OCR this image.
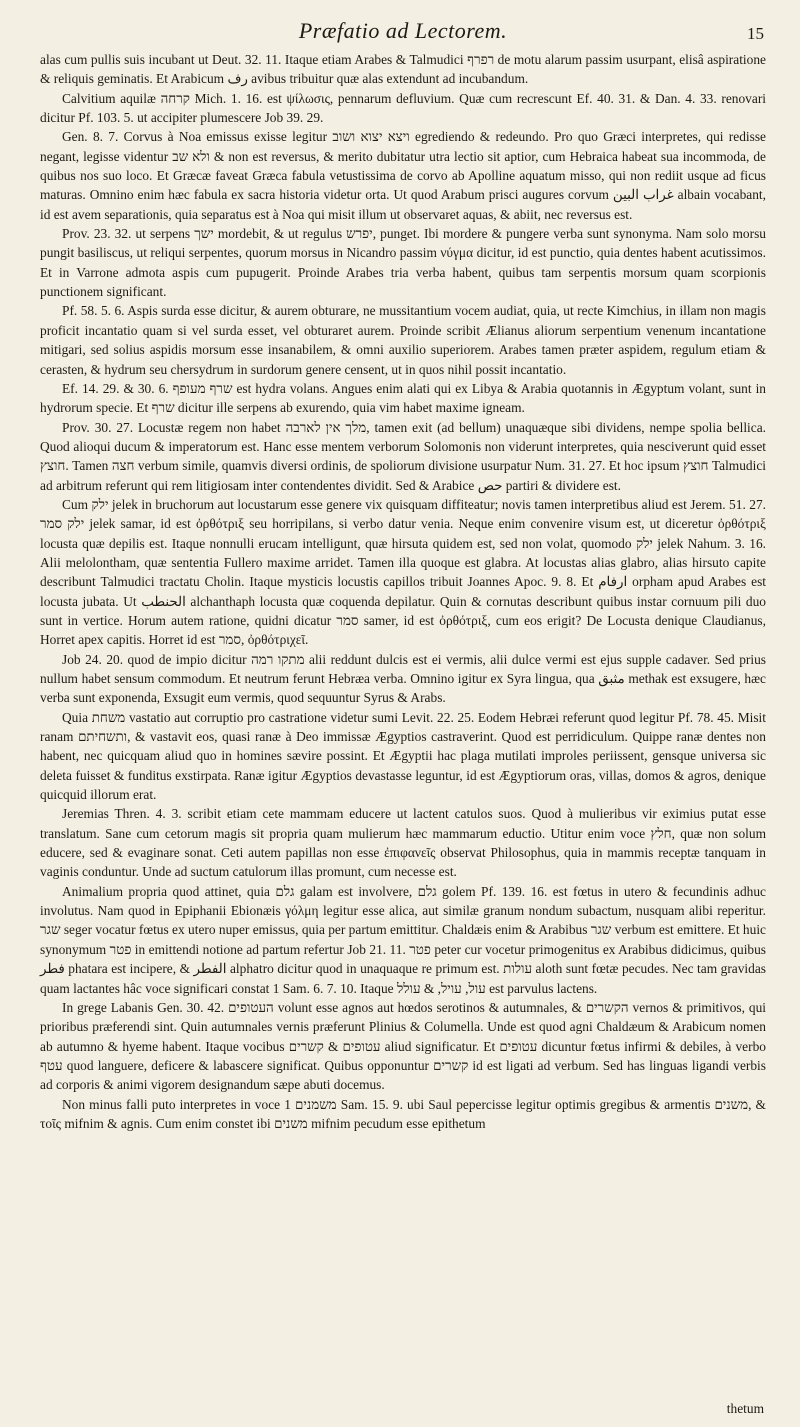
Præfatio ad Lectorem.	15

alas cum pullis suis incubant ut Deut. 32. 11. Itaque etiam Arabes & Talmudici רפרף de motu alarum passim usurpant, elisâ aspiratione & reliquis geminatis. Et Arabicum رف avibus tribuitur quæ alas extendunt ad incubandum.

Calvitium aquilæ קרחה Mich. 1. 16. est ψίλωσις, pennarum defluvium. Quæ cum recrescunt Ef. 40. 31. & Dan. 4. 33. renovari dicitur Pf. 103. 5. ut accipiter plumescere Job 39. 29.

Gen. 8. 7. Corvus à Noa emissus exisse legitur ויצא יצוא ושוב egrediendo & redeundo. Pro quo Græci interpretes, qui redisse negant, legisse videntur ולא שב & non est reversus, & merito dubitatur utra lectio sit aptior, cum Hebraica habeat sua incommoda, de quibus nos suo loco. Et Græcæ faveat Græca fabula vetustissima de corvo ab Apolline aquatum misso, qui non rediit usque ad ficus maturas. Omnino enim hæc fabula ex sacra historia videtur orta. Ut quod Arabum prisci augures corvum غراب البين albain vocabant, id est avem separationis, quia separatus est à Noa qui misit illum ut observaret aquas, & abiit, nec reversus est.

Prov. 23. 32. ut serpens ישך mordebit, & ut regulus יפרש, punget. Ibi mordere & pungere verba sunt synonyma. Nam solo morsu pungit basiliscus, ut reliqui serpentes, quorum morsus in Nicandro passim νύγμα dicitur, id est punctio, quia dentes habent acutissimos. Et in Varrone admota aspis cum pupugerit. Proinde Arabes tria verba habent, quibus tam serpentis morsum quam scorpionis punctionem significant.

Pf. 58. 5. 6. Aspis surda esse dicitur, & aurem obturare, ne mussitantium vocem audiat, quia, ut recte Kimchius, in illam non magis proficit incantatio quam si vel surda esset, vel obturaret aurem. Proinde scribit Ælianus aliorum serpentium venenum incantatione mitigari, sed solius aspidis morsum esse insanabilem, & omni auxilio superiorem. Arabes tamen præter aspidem, regulum etiam & cerasten, & hydrum seu chersydrum in surdorum genere censent, ut in quos nihil possit incantatio.

Ef. 14. 29. & 30. 6. שרף מעופף est hydra volans. Angues enim alati qui ex Libya & Arabia quotannis in Ægyptum volant, sunt in hydrorum specie. Et שרף dicitur ille serpens ab exurendo, quia vim habet maxime igneam.

Prov. 30. 27. Locustæ regem non habet מלך אין לארבה, tamen exit (ad bellum) unaquæque sibi dividens, nempe spolia bellica. Quod alioqui ducum & imperatorum est. Hanc esse mentem verborum Solomonis non viderunt interpretes, quia nesciverunt quid esset חוצץ. Tamen חצה verbum simile, quamvis diversi ordinis, de spoliorum divisione usurpatur Num. 31. 27. Et hoc ipsum חוצץ Talmudici ad arbitrum referunt qui rem litigiosam inter contendentes dividit. Sed & Arabice حص partiri & dividere est.

Cum ילק jelek in bruchorum aut locustarum esse genere vix quisquam diffiteatur; novis tamen interpretibus aliud est Jerem. 51. 27. ילק סמר jelek samar, id est ὀρθότριξ seu horripilans, si verbo datur venia. Neque enim convenire visum est, ut diceretur ὀρθότριξ locusta quæ depilis est. Itaque nonnulli erucam intelligunt, quæ hirsuta quidem est, sed non volat, quomodo ילק jelek Nahum. 3. 16. Alii melolontham, quæ sententia Fullero maxime arridet. Tamen illa quoque est glabra. At locustas alias glabro, alias hirsuto capite describunt Talmudici tractatu Cholin. Itaque mysticis locustis capillos tribuit Joannes Apoc. 9. 8. Et ارفام orpham apud Arabes est locusta jubata. Ut الحنطب alchanthaph locusta quæ coquenda depilatur. Quin & cornutas describunt quibus instar cornuum pili duo sunt in vertice. Horum autem ratione, quidni dicatur סמר samer, id est ὀρθότριξ, cum eos erigit? De Locusta denique Claudianus, Horret apex capitis. Horret id est סמר, ὀρθότριχεῖ.

Job 24. 20. quod de impio dicitur מתקו רמה alii reddunt dulcis est ei vermis, alii dulce vermi est ejus supple cadaver. Sed prius nullum habet sensum commodum. Et neutrum ferunt Hebræa verba. Omnino igitur ex Syra lingua, qua مثبق methak est exsugere, hæc verba sunt exponenda, Exsugit eum vermis, quod sequuntur Syrus & Arabs.

Quia משחת vastatio aut corruptio pro castratione videtur sumi Levit. 22. 25. Eodem Hebræi referunt quod legitur Pf. 78. 45. Misit ranam ותשחיתם, & vastavit eos, quasi ranæ à Deo immissæ Ægyptios castraverint. Quod est perridiculum. Quippe ranæ dentes non habent, nec quicquam aliud quo in homines sævire possint. Et Ægyptii hac plaga mutilati improles periissent, gensque universa sic deleta fuisset & funditus exstirpata. Ranæ igitur Ægyptios devastasse leguntur, id est Ægyptiorum oras, villas, domos & agros, denique quicquid illorum erat.

Jeremias Thren. 4. 3. scribit etiam cete mammam educere ut lactent catulos suos. Quod à mulieribus vir eximius putat esse translatum. Sane cum cetorum magis sit propria quam mulierum hæc mammarum eductio. Utitur enim voce חלץ, quæ non solum educere, sed & evaginare sonat. Ceti autem papillas non esse ἐπιφανεῖς observat Philosophus, quia in mammis receptæ tanquam in vaginis conduntur. Unde ad suctum catulorum illas promunt, cum necesse est.

Animalium propria quod attinet, quia גלם galam est involvere, גלם golem Pf. 139. 16. est fœtus in utero & fecundinis adhuc involutus. Nam quod in Epiphanii Ebionæis γόλμη legitur esse alica, aut similæ granum nondum subactum, nusquam alibi reperitur. שגר seger vocatur fœtus ex utero nuper emissus, quia per partum emittitur. Chaldæis enim & Arabibus שגר verbum est emittere. Et huic synonymum פטר in emittendi notione ad partum refertur Job 21. 11. פטר peter cur vocetur primogenitus ex Arabibus didicimus, quibus فطر phatara est incipere, & الفطر alphatro dicitur quod in unaquaque re primum est. עולות aloth sunt fœtæ pecudes. Nec tam gravidas quam lactantes hâc voce significari constat 1 Sam. 6. 7. 10. Itaque עול, עויל, & עולל est parvulus lactens.

In grege Labanis Gen. 30. 42. העטופים volunt esse agnos aut hœdos serotinos & autumnales, & הקשרים vernos & primitivos, qui prioribus præferendi sint. Quin autumnales vernis præferunt Plinius & Columella. Unde est quod agni Chaldæum & Arabicum nomen ab autumno & hyeme habent. Itaque vocibus עטופים & קשרים aliud significatur. Et עטופים dicuntur fœtus infirmi & debiles, à verbo עטף quod languere, deficere & labascere significat. Quibus opponuntur קשרים id est ligati ad verbum. Sed has linguas ligandi verbis ad corporis & animi vigorem designandum sæpe abuti docemus.

Non minus falli puto interpretes in voce משמנים 1 Sam. 15. 9. ubi Saul pepercisse legitur optimis gregibus & armentis משנים, & τοῖς mifnim & agnis. Cum enim constet ibi משנים mifnim pecudum esse epithetum

thetum
